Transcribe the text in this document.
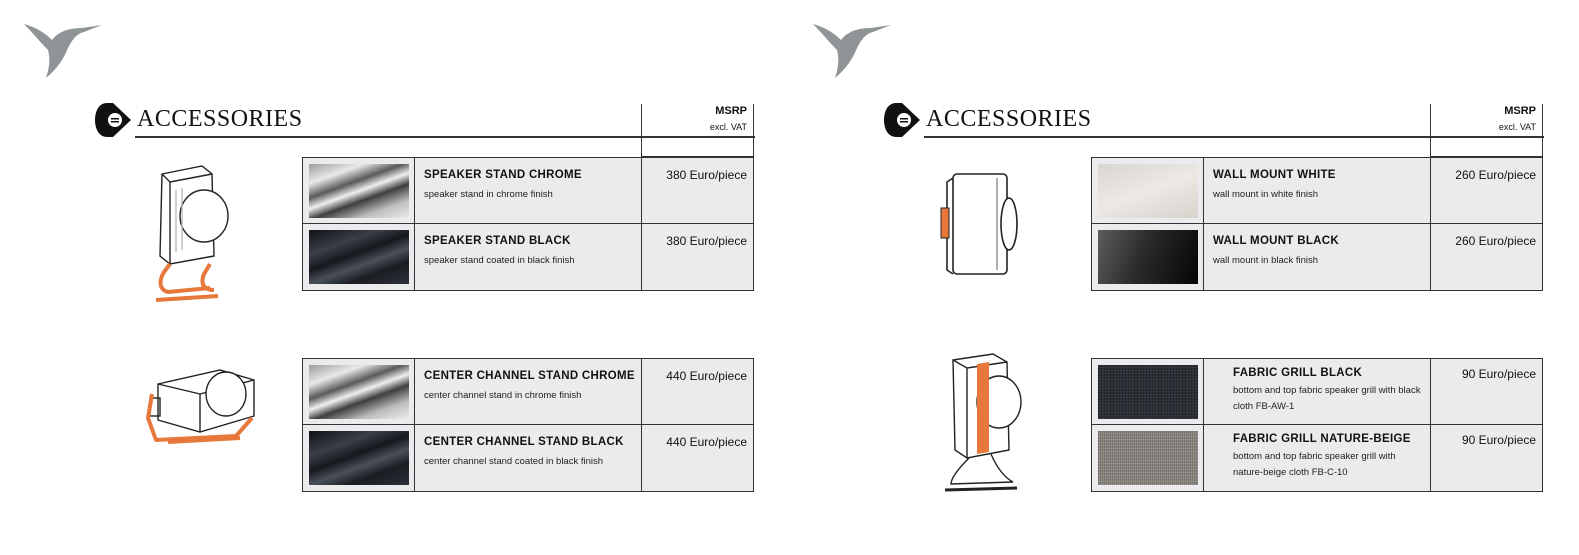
ACCESSORIES	MSRP
excl. VAT
SPEAKER STAND CHROME
speaker stand in chrome finish
380 Euro/piece
SPEAKER STAND BLACK
speaker stand coated in black finish
380 Euro/piece
CENTER CHANNEL STAND CHROME
center channel stand in chrome finish
440 Euro/piece
CENTER CHANNEL STAND BLACK
center channel stand coated in black finish
440 Euro/piece
ACCESSORIES	MSRP
excl. VAT
WALL MOUNT WHITE
wall mount in white finish
260 Euro/piece
WALL MOUNT BLACK
wall mount in black finish
260 Euro/piece
FABRIC GRILL BLACK
bottom and top fabric speaker grill with black cloth FB-AW-1
90 Euro/piece
FABRIC GRILL NATURE-BEIGE
bottom and top fabric speaker grill with nature-beige cloth FB-C-10
90 Euro/piece
